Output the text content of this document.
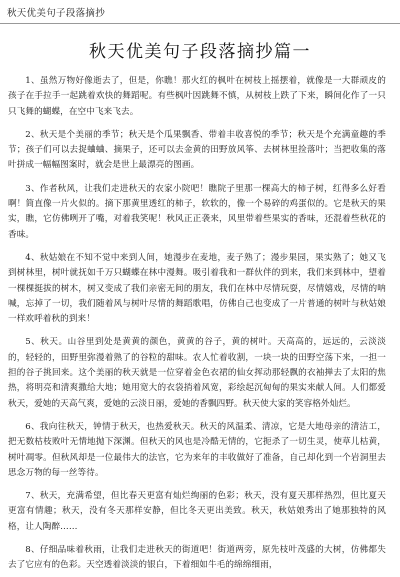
秋天优美句子段落摘抄
秋天优美句子段落摘抄篇一

1、虽然万物好像逝去了，但是，你瞧！那火红的枫叶在树枝上摇摆着，就像是一大群顽皮的孩子在手拉手一起跳着欢快的舞蹈呢。有些枫叶因跳舞不慎，从树枝上跌了下来，瞬间化作了一只只飞舞的蝴蝶，在空中飞来飞去。

2、秋天是个美丽的季节；秋天是个瓜果飘香、带着丰收喜悦的季节；秋天是个充满童趣的季节；孩子们可以去捉蛐蛐、摘果子，还可以去金黄的田野放风筝、去树林里捡落叶；当把收集的落叶拼成一幅幅图案时，就会是世上最漂亮的图画。

3、作者秋风，让我们走进秋天的农家小院吧！瞧院子里那一棵高大的柿子树，红得多么好看啊！简直像一片火似的。摘下那黄里透红的柿子，软软的，像一个易碎的鸡蛋似的。它是秋天的果实，瞧，它仿佛咧开了嘴，对着我笑呢！秋风正正袭来，风里带着些果实的香味，还混着些秋花的香味。

4、秋姑娘在不知不觉中来到人间，她漫步在麦地，麦子熟了；漫步果园，果实熟了；她又飞到树林里，树叶就抚如千万只蝴蝶在林中漫舞。吸引着我和一群伙伴的到来，我们来到林中，望着一棵棵挺拔的树木，树又变成了我们亲密无间的朋友，我们在林中尽情玩耍，尽情嬉戏，尽情的呐喊，忘掉了一切，我们随着风与树叶尽情的舞蹈歌唱，仿佛自己也变成了一片普通的树叶与秋姑娘一样欢呼着秋的到来！

5、秋天。山谷里到处是黄黄的颜色，黄黄的谷子，黄的树叶。天高高的，远远的，云淡淡的，轻轻的，田野里弥漫着熟了的谷粒的甜味。农人忙着收割，一块一块的田野空荡下来，一担一担的谷子挑回来。这个美丽的秋天就是一位穿着金色衣裙的仙女挥动那轻飘的衣袖掸去了太阳的焦热，将明亮和清爽撒给大地；她用宽大的衣袋捎着风宽，彩绘起沉甸甸的果实来献人间。人们都爱秋天，爱她的天高气爽，爱她的云淡日丽，爱她的香飘四野。秋天使大家的笑容格外灿烂。

6、我向往秋天，钟情于秋天，也热爱秋天。秋天的风温柔、清凉，它是大地母亲的清洁工，把无数枯枝败叶无情地抛下深渊。但秋天的风也是冷酷无情的，它扼杀了一切生灵，使草儿枯黄，树叶凋零。但秋风却是一位最伟大的法官，它为来年的丰收做好了准备，自己却化到一个岩洞里去思念万物的每一丝等待。

7、秋天，充满希望，但比春天更富有灿烂绚丽的色彩；秋天，没有夏天那样热烈，但比夏天更富有情趣；秋天，没有冬天那样安静，但比冬天更出美致。秋天，秋姑娘秀出了她那独特的风格，让人陶醉……

8、仔细品味着秋雨，让我们走进秋天的街道吧！街道两旁，原先枝叶茂盛的大树，仿佛都失去了它应有的色彩。天空透着淡淡的银白，下着细如牛毛的绵绵细雨，
